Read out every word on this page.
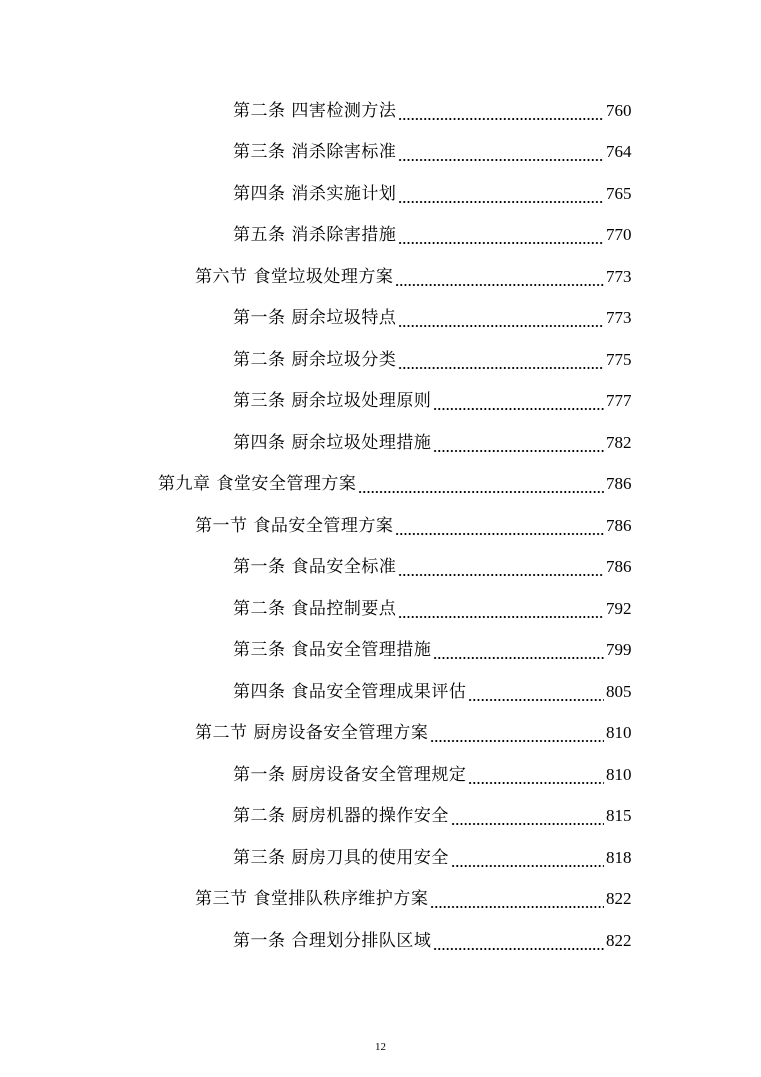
第二条 四害检测方法	760
第三条 消杀除害标准	764
第四条 消杀实施计划	765
第五条 消杀除害措施	770
第六节 食堂垃圾处理方案	773
第一条 厨余垃圾特点	773
第二条 厨余垃圾分类	775
第三条 厨余垃圾处理原则	777
第四条 厨余垃圾处理措施	782
第九章 食堂安全管理方案	786
第一节 食品安全管理方案	786
第一条 食品安全标准	786
第二条 食品控制要点	792
第三条 食品安全管理措施	799
第四条 食品安全管理成果评估	805
第二节 厨房设备安全管理方案	810
第一条 厨房设备安全管理规定	810
第二条 厨房机器的操作安全	815
第三条 厨房刀具的使用安全	818
第三节 食堂排队秩序维护方案	822
第一条 合理划分排队区域	822
12
